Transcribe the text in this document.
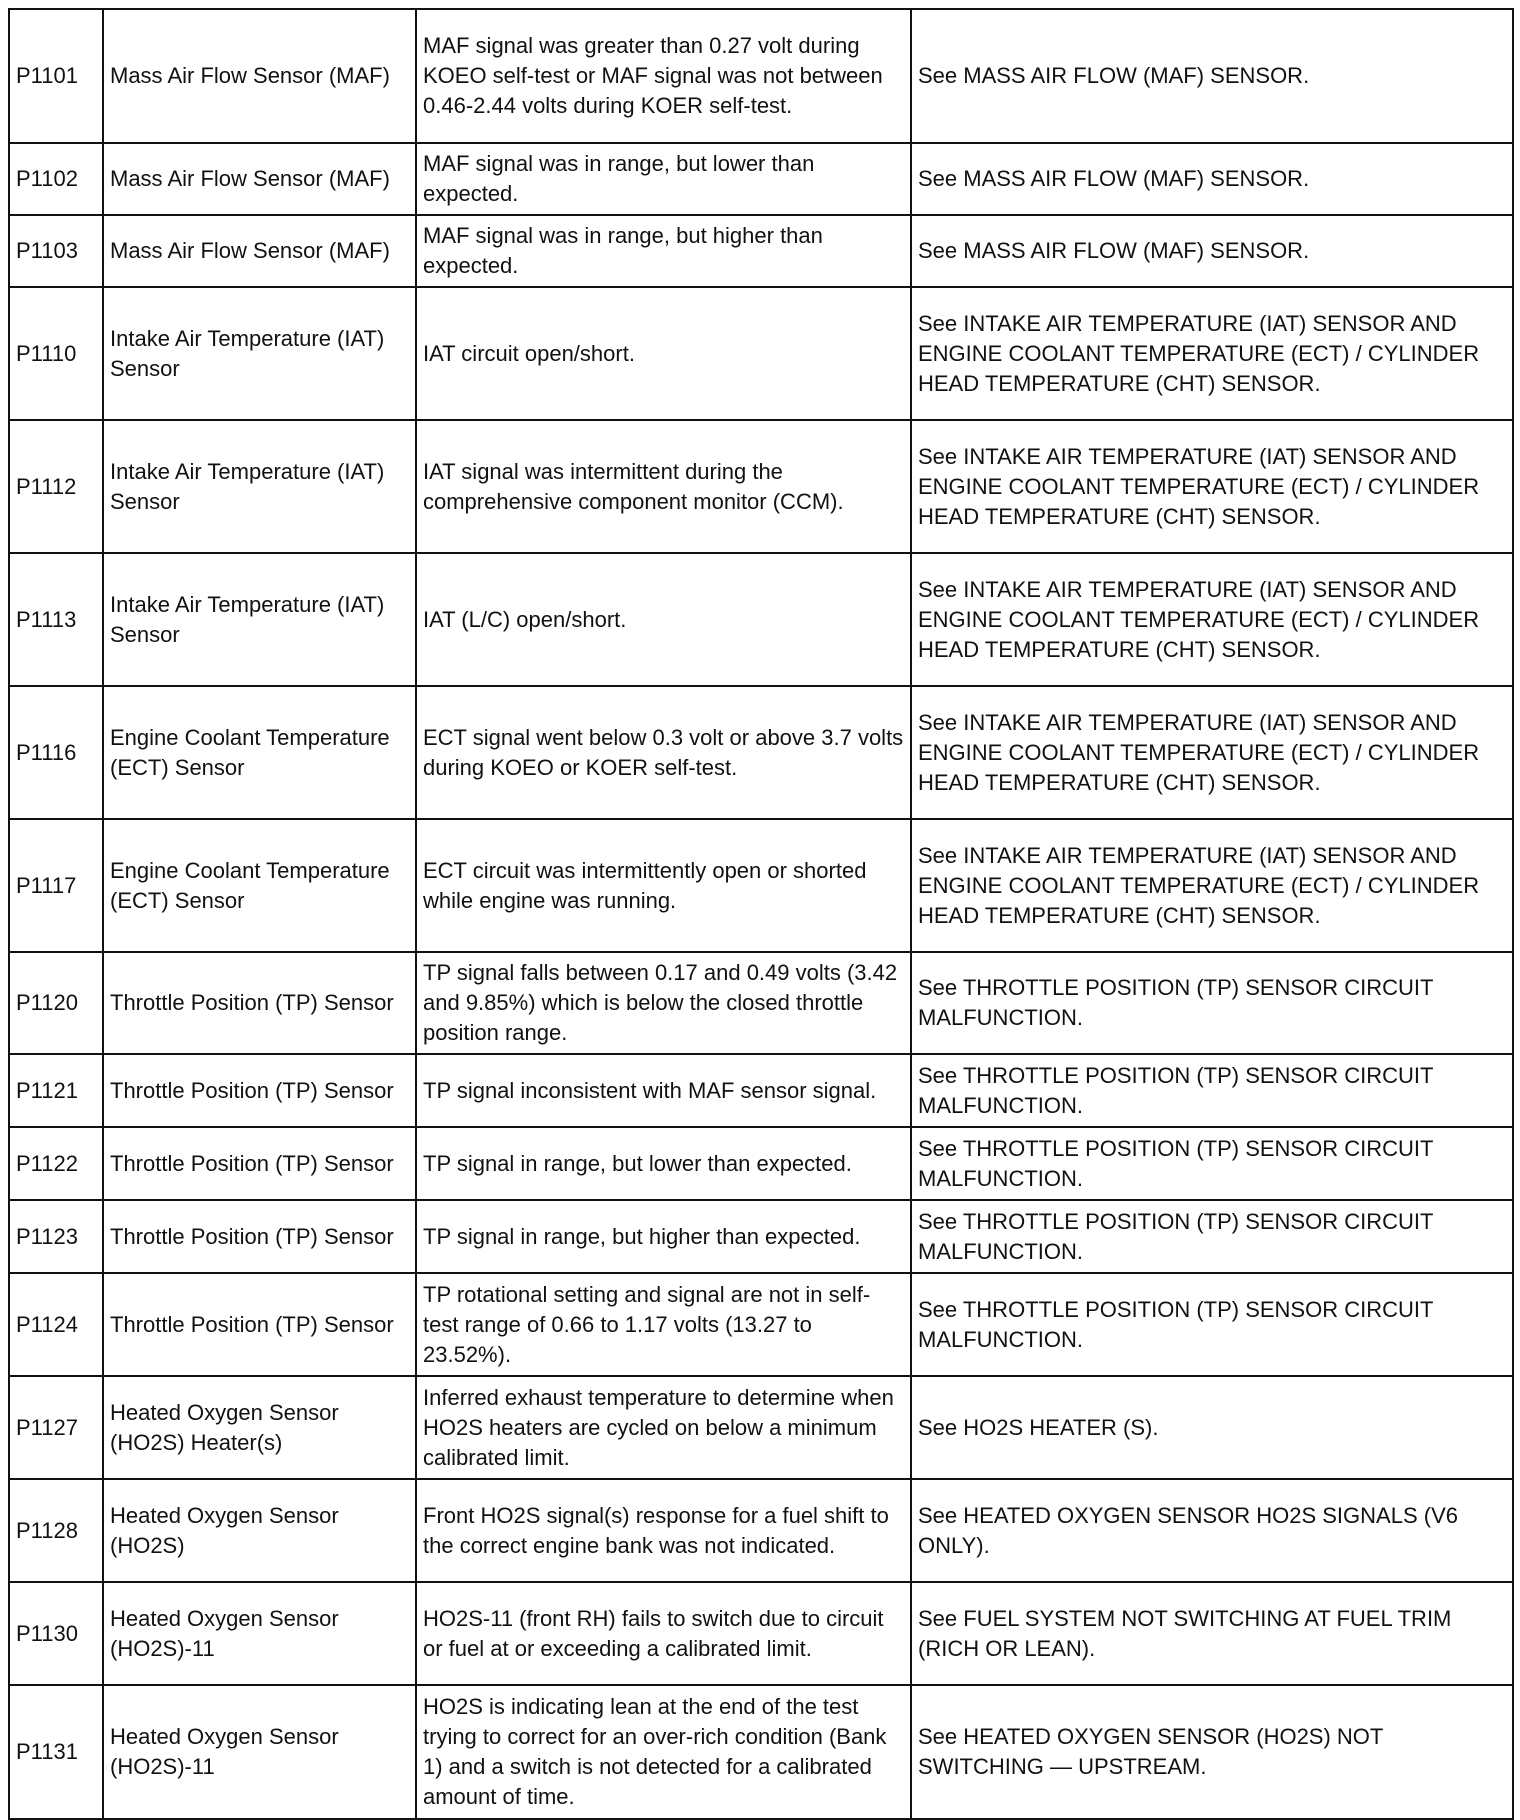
P1101	Mass Air Flow Sensor (MAF)	MAF signal was greater than 0.27 volt during KOEO self-test or MAF signal was not between 0.46-2.44 volts during KOER self-test.	See MASS AIR FLOW (MAF) SENSOR.
P1102	Mass Air Flow Sensor (MAF)	MAF signal was in range, but lower than expected.	See MASS AIR FLOW (MAF) SENSOR.
P1103	Mass Air Flow Sensor (MAF)	MAF signal was in range, but higher than expected.	See MASS AIR FLOW (MAF) SENSOR.
P1110	Intake Air Temperature (IAT) Sensor	IAT circuit open/short.	See INTAKE AIR TEMPERATURE (IAT) SENSOR AND ENGINE COOLANT TEMPERATURE (ECT) / CYLINDER HEAD TEMPERATURE (CHT) SENSOR.
P1112	Intake Air Temperature (IAT) Sensor	IAT signal was intermittent during the comprehensive component monitor (CCM).	See INTAKE AIR TEMPERATURE (IAT) SENSOR AND ENGINE COOLANT TEMPERATURE (ECT) / CYLINDER HEAD TEMPERATURE (CHT) SENSOR.
P1113	Intake Air Temperature (IAT) Sensor	IAT (L/C) open/short.	See INTAKE AIR TEMPERATURE (IAT) SENSOR AND ENGINE COOLANT TEMPERATURE (ECT) / CYLINDER HEAD TEMPERATURE (CHT) SENSOR.
P1116	Engine Coolant Temperature (ECT) Sensor	ECT signal went below 0.3 volt or above 3.7 volts during KOEO or KOER self-test.	See INTAKE AIR TEMPERATURE (IAT) SENSOR AND ENGINE COOLANT TEMPERATURE (ECT) / CYLINDER HEAD TEMPERATURE (CHT) SENSOR.
P1117	Engine Coolant Temperature (ECT) Sensor	ECT circuit was intermittently open or shorted while engine was running.	See INTAKE AIR TEMPERATURE (IAT) SENSOR AND ENGINE COOLANT TEMPERATURE (ECT) / CYLINDER HEAD TEMPERATURE (CHT) SENSOR.
P1120	Throttle Position (TP) Sensor	TP signal falls between 0.17 and 0.49 volts (3.42 and 9.85%) which is below the closed throttle position range.	See THROTTLE POSITION (TP) SENSOR CIRCUIT MALFUNCTION.
P1121	Throttle Position (TP) Sensor	TP signal inconsistent with MAF sensor signal.	See THROTTLE POSITION (TP) SENSOR CIRCUIT MALFUNCTION.
P1122	Throttle Position (TP) Sensor	TP signal in range, but lower than expected.	See THROTTLE POSITION (TP) SENSOR CIRCUIT MALFUNCTION.
P1123	Throttle Position (TP) Sensor	TP signal in range, but higher than expected.	See THROTTLE POSITION (TP) SENSOR CIRCUIT MALFUNCTION.
P1124	Throttle Position (TP) Sensor	TP rotational setting and signal are not in self-test range of 0.66 to 1.17 volts (13.27 to 23.52%).	See THROTTLE POSITION (TP) SENSOR CIRCUIT MALFUNCTION.
P1127	Heated Oxygen Sensor (HO2S) Heater(s)	Inferred exhaust temperature to determine when HO2S heaters are cycled on below a minimum calibrated limit.	See HO2S HEATER (S).
P1128	Heated Oxygen Sensor (HO2S)	Front HO2S signal(s) response for a fuel shift to the correct engine bank was not indicated.	See HEATED OXYGEN SENSOR HO2S SIGNALS (V6 ONLY).
P1130	Heated Oxygen Sensor (HO2S)-11	HO2S-11 (front RH) fails to switch due to circuit or fuel at or exceeding a calibrated limit.	See FUEL SYSTEM NOT SWITCHING AT FUEL TRIM (RICH OR LEAN).
P1131	Heated Oxygen Sensor (HO2S)-11	HO2S is indicating lean at the end of the test trying to correct for an over-rich condition (Bank 1) and a switch is not detected for a calibrated amount of time.	See HEATED OXYGEN SENSOR (HO2S) NOT SWITCHING — UPSTREAM.
